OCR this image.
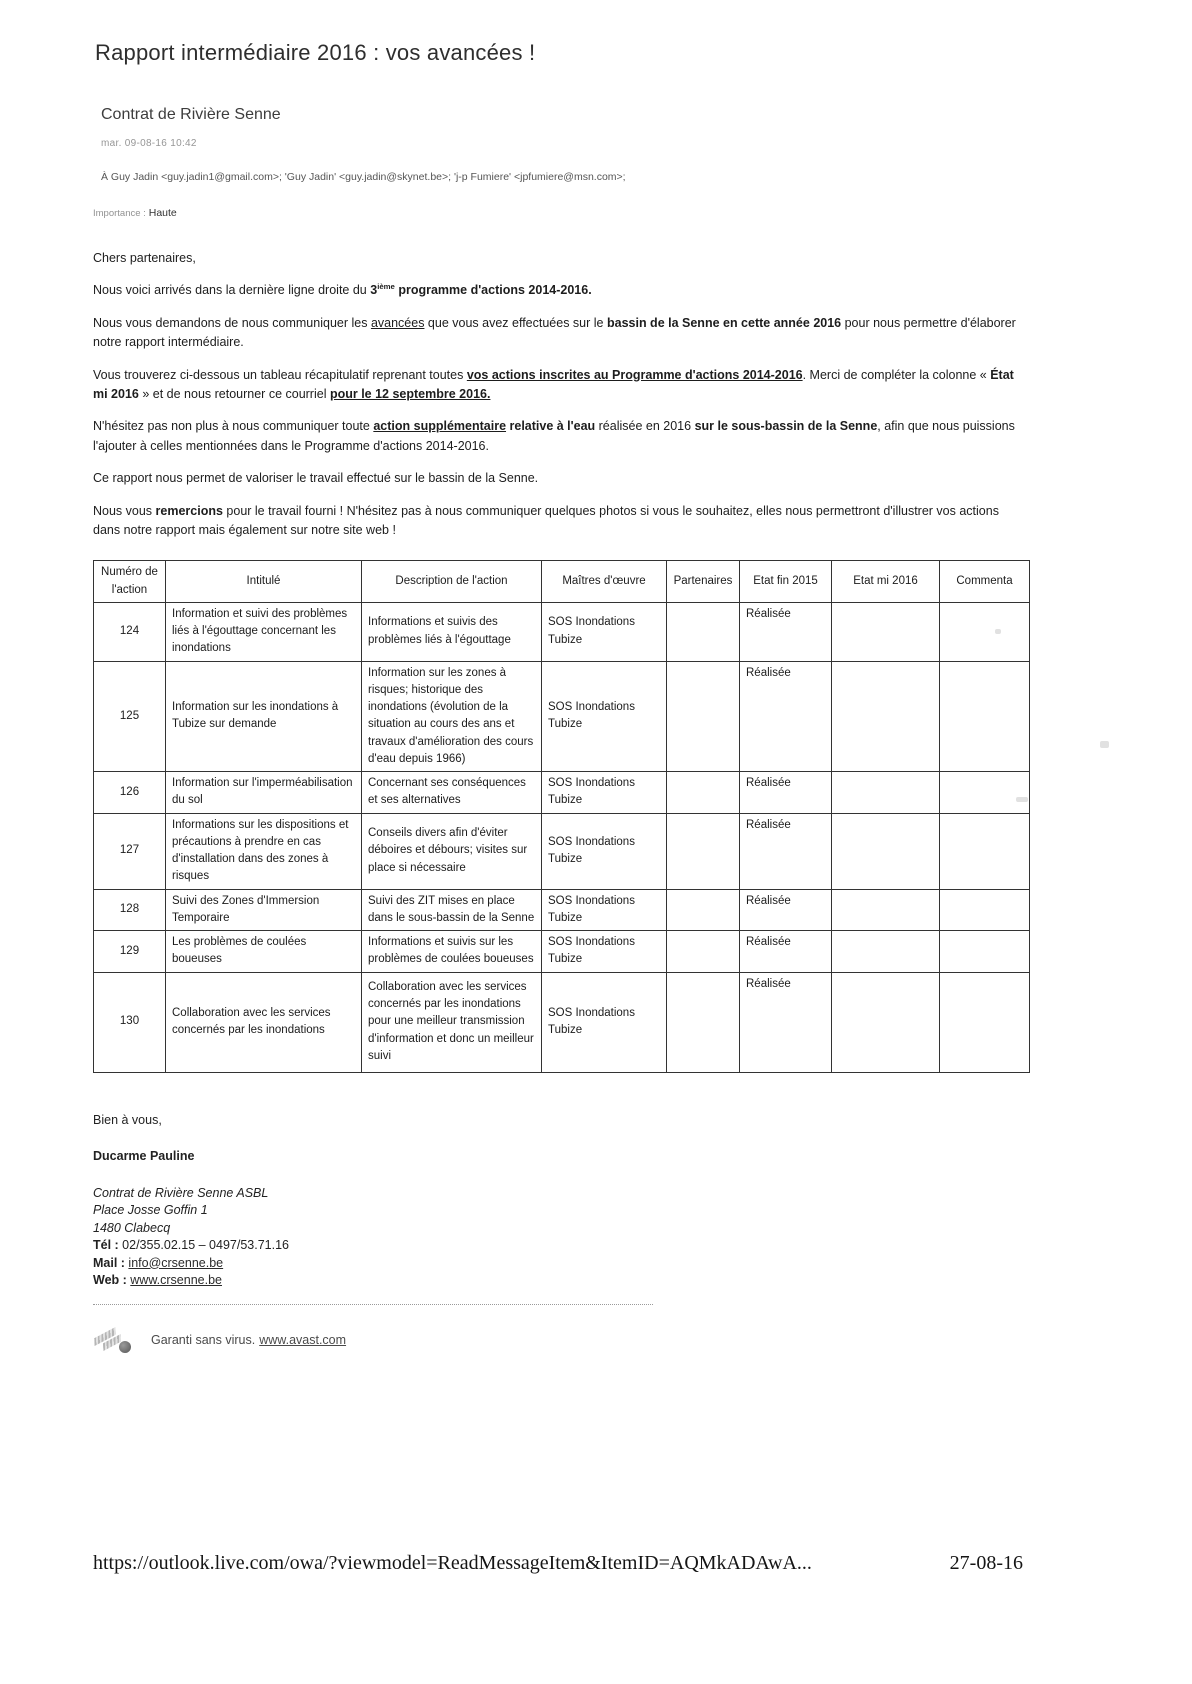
Rapport intermédiaire 2016 : vos avancées !
Contrat de Rivière Senne
mar. 09-08-16 10:42
À Guy Jadin <guy.jadin1@gmail.com>; 'Guy Jadin' <guy.jadin@skynet.be>; 'j-p Fumiere' <jpfumiere@msn.com>;
Importance : Haute

Chers partenaires,

Nous voici arrivés dans la dernière ligne droite du 3ième programme d'actions 2014-2016.

Nous vous demandons de nous communiquer les avancées que vous avez effectuées sur le bassin de la Senne en cette année 2016 pour nous permettre d'élaborer notre rapport intermédiaire.

Vous trouverez ci-dessous un tableau récapitulatif reprenant toutes vos actions inscrites au Programme d'actions 2014-2016. Merci de compléter la colonne « État mi 2016 » et de nous retourner ce courriel pour le 12 septembre 2016.

N'hésitez pas non plus à nous communiquer toute action supplémentaire relative à l'eau réalisée en 2016 sur le sous-bassin de la Senne, afin que nous puissions l'ajouter à celles mentionnées dans le Programme d'actions 2014-2016.

Ce rapport nous permet de valoriser le travail effectué sur le bassin de la Senne.

Nous vous remercions pour le travail fourni ! N'hésitez pas à nous communiquer quelques photos si vous le souhaitez, elles nous permettront d'illustrer vos actions dans notre rapport mais également sur notre site web !

Numéro de l'action	Intitulé	Description de l'action	Maîtres d'œuvre	Partenaires	Etat fin 2015	Etat mi 2016	Commenta
124	Information et suivi des problèmes liés à l'égouttage concernant les inondations	Informations et suivis des problèmes liés à l'égouttage	SOS Inondations Tubize		Réalisée		
125	Information sur les inondations à Tubize sur demande	Information sur les zones à risques; historique des inondations (évolution de la situation au cours des ans et travaux d'amélioration des cours d'eau depuis 1966)	SOS Inondations Tubize		Réalisée		
126	Information sur l'imperméabilisation du sol	Concernant ses conséquences et ses alternatives	SOS Inondations Tubize		Réalisée		
127	Informations sur les dispositions et précautions à prendre en cas d'installation dans des zones à risques	Conseils divers afin d'éviter déboires et débours; visites sur place si nécessaire	SOS Inondations Tubize		Réalisée		
128	Suivi des Zones d'Immersion Temporaire	Suivi des ZIT mises en place dans le sous-bassin de la Senne	SOS Inondations Tubize		Réalisée		
129	Les problèmes de coulées boueuses	Informations et suivis sur les problèmes de coulées boueuses	SOS Inondations Tubize		Réalisée		
130	Collaboration avec les services concernés par les inondations	Collaboration avec les services concernés par les inondations pour une meilleur transmission d'information et donc un meilleur suivi	SOS Inondations Tubize		Réalisée		

Bien à vous,

Ducarme Pauline

Contrat de Rivière Senne ASBL
Place Josse Goffin 1
1480 Clabecq
Tél : 02/355.02.15 – 0497/53.71.16
Mail : info@crsenne.be
Web : www.crsenne.be
Garanti sans virus. www.avast.com
https://outlook.live.com/owa/?viewmodel=ReadMessageItem&ItemID=AQMkADAwA...	27-08-16
